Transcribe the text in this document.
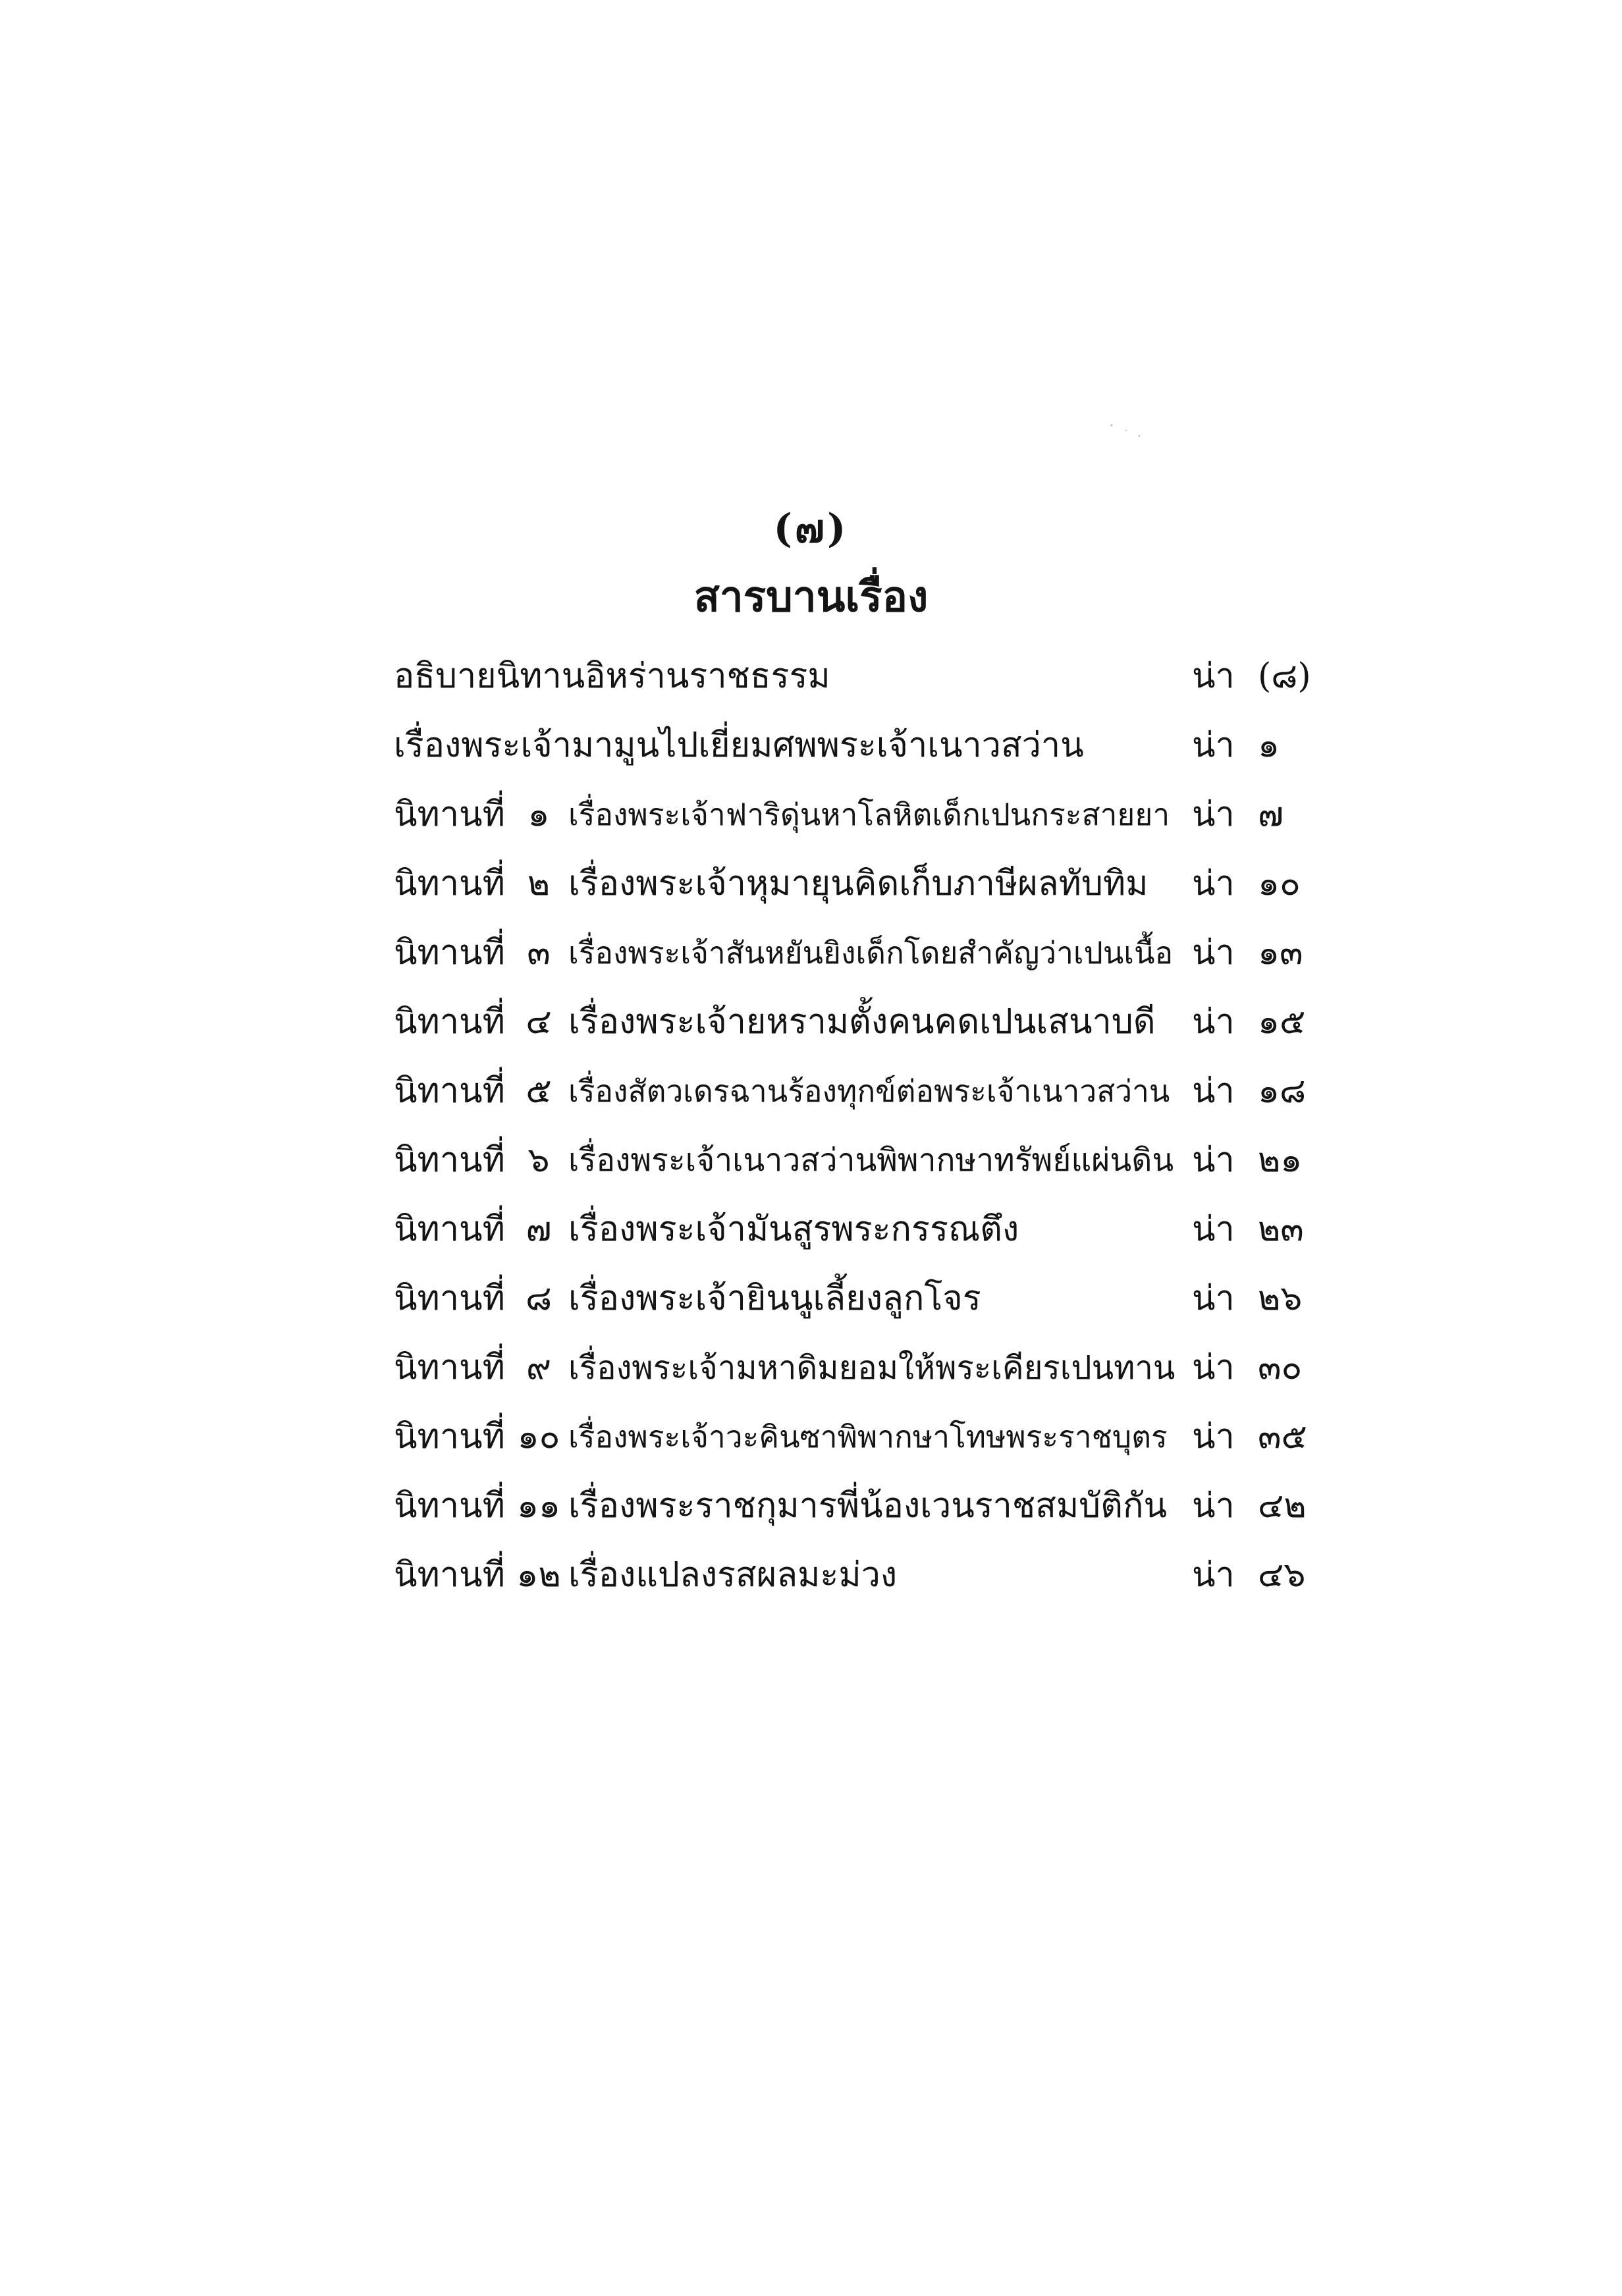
(๗)
สารบานเรื่อง
อธิบายนิทานอิหร่านราชธรรม	น่า (๘)
เรื่องพระเจ้ามามูนไปเยี่ยมศพพระเจ้าเนาวสว่าน	น่า ๑
นิทานที่ ๑ เรื่องพระเจ้าฟาริดุ่นหาโลหิตเด็กเปนกระสายยา น่า ๗
นิทานที่ ๒ เรื่องพระเจ้าหุมายุนคิดเก็บภาษีผลทับทิม น่า ๑๐
นิทานที่ ๓ เรื่องพระเจ้าสันหยันยิงเด็กโดยสำคัญว่าเปนเนื้อ น่า ๑๓
นิทานที่ ๔ เรื่องพระเจ้ายหรามตั้งคนคดเปนเสนาบดี น่า ๑๕
นิทานที่ ๕ เรื่องสัตวเดรฉานร้องทุกข์ต่อพระเจ้าเนาวสว่าน น่า ๑๘
นิทานที่ ๖ เรื่องพระเจ้าเนาวสว่านพิพากษาทรัพย์แผ่นดิน น่า ๒๑
นิทานที่ ๗ เรื่องพระเจ้ามันสูรพระกรรณตึง	น่า ๒๓
นิทานที่ ๘ เรื่องพระเจ้ายินนูเลี้ยงลูกโจร	น่า ๒๖
นิทานที่ ๙ เรื่องพระเจ้ามหาดิมยอมให้พระเคียรเปนทาน น่า ๓๐
นิทานที่ ๑๐ เรื่องพระเจ้าวะคินซาพิพากษาโทษพระราชบุตร น่า ๓๕
นิทานที่ ๑๑ เรื่องพระราชกุมารพี่น้องเวนราชสมบัติกัน น่า ๔๒
นิทานที่ ๑๒ เรื่องแปลงรสผลมะม่วง	น่า ๔๖
